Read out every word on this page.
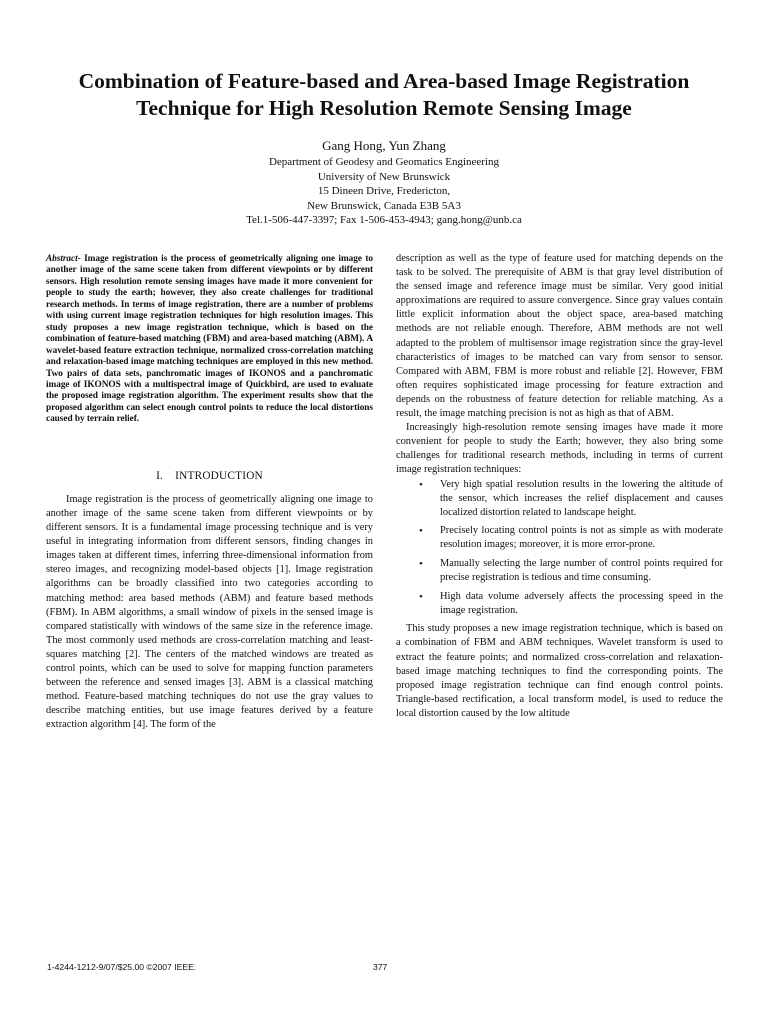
Combination of Feature-based and Area-based Image Registration
Technique for High Resolution Remote Sensing Image
Gang Hong, Yun Zhang
Department of Geodesy and Geomatics Engineering
University of New Brunswick
15 Dineen Drive, Fredericton,
New Brunswick, Canada E3B 5A3
Tel.1-506-447-3397; Fax 1-506-453-4943; gang.hong@unb.ca

Abstract- Image registration is the process of geometrically aligning one image to another image of the same scene taken from different viewpoints or by different sensors. High resolution remote sensing images have made it more convenient for people to study the earth; however, they also create challenges for traditional research methods. In terms of image registration, there are a number of problems with using current image registration techniques for high resolution images. This study proposes a new image registration technique, which is based on the combination of feature-based matching (FBM) and area-based matching (ABM). A wavelet-based feature extraction technique, normalized cross-correlation matching and relaxation-based image matching techniques are employed in this new method. Two pairs of data sets, panchromatic images of IKONOS and a panchromatic image of IKONOS with a multispectral image of Quickbird, are used to evaluate the proposed image registration algorithm. The experiment results show that the proposed algorithm can select enough control points to reduce the local distortions caused by terrain relief.

I.    INTRODUCTION

Image registration is the process of geometrically aligning one image to another image of the same scene taken from different viewpoints or by different sensors. It is a fundamental image processing technique and is very useful in integrating information from different sensors, finding changes in images taken at different times, inferring three-dimensional information from stereo images, and recognizing model-based objects [1]. Image registration algorithms can be broadly classified into two categories according to matching method: area based methods (ABM) and feature based methods (FBM). In ABM algorithms, a small window of pixels in the sensed image is compared statistically with windows of the same size in the reference image. The most commonly used methods are cross-correlation matching and least-squares matching [2]. The centers of the matched windows are treated as control points, which can be used to solve for mapping function parameters between the reference and sensed images [3]. ABM is a classical matching method. Feature-based matching techniques do not use the gray values to describe matching entities, but use image features derived by a feature extraction algorithm [4]. The form of the

description as well as the type of feature used for matching depends on the task to be solved. The prerequisite of ABM is that gray level distribution of the sensed image and reference image must be similar. Very good initial approximations are required to assure convergence. Since gray values contain little explicit information about the object space, area-based matching methods are not reliable enough. Therefore, ABM methods are not well adapted to the problem of multisensor image registration since the gray-level characteristics of images to be matched can vary from sensor to sensor. Compared with ABM, FBM is more robust and reliable [2]. However, FBM often requires sophisticated image processing for feature extraction and depends on the robustness of feature detection for reliable matching. As a result, the image matching precision is not as high as that of ABM.

Increasingly high-resolution remote sensing images have made it more convenient for people to study the Earth; however, they also bring some challenges for traditional research methods, including in terms of current image registration techniques:

• Very high spatial resolution results in the lowering the altitude of the sensor, which increases the relief displacement and causes localized distortion related to landscape height.
• Precisely locating control points is not as simple as with moderate resolution images; moreover, it is more error-prone.
• Manually selecting the large number of control points required for precise registration is tedious and time consuming.
• High data volume adversely affects the processing speed in the image registration.

This study proposes a new image registration technique, which is based on a combination of FBM and ABM techniques. Wavelet transform is used to extract the feature points; and normalized cross-correlation and relaxation-based image matching techniques to find the corresponding points. The proposed image registration technique can find enough control points. Triangle-based rectification, a local transform model, is used to reduce the local distortion caused by the low altitude

1-4244-1212-9/07/$25.00 ©2007 IEEE.	377
